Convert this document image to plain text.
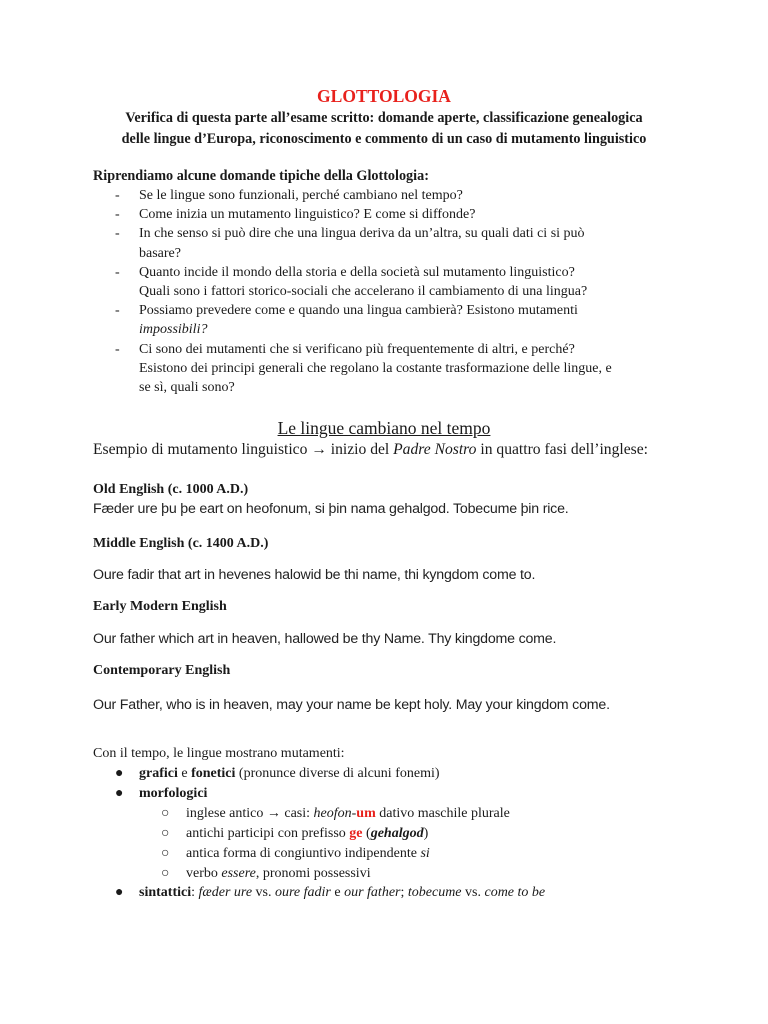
GLOTTOLOGIA
Verifica di questa parte all’esame scritto: domande aperte, classificazione genealogica
delle lingue d’Europa, riconoscimento e commento di un caso di mutamento linguistico
Riprendiamo alcune domande tipiche della Glottologia:
- Se le lingue sono funzionali, perché cambiano nel tempo?
- Come inizia un mutamento linguistico? E come si diffonde?
- In che senso si può dire che una lingua deriva da un’altra, su quali dati ci si può
basare?
- Quanto incide il mondo della storia e della società sul mutamento linguistico?
Quali sono i fattori storico-sociali che accelerano il cambiamento di una lingua?
- Possiamo prevedere come e quando una lingua cambierà? Esistono mutamenti
impossibili?
- Ci sono dei mutamenti che si verificano più frequentemente di altri, e perché?
Esistono dei principi generali che regolano la costante trasformazione delle lingue, e
se sì, quali sono?
Le lingue cambiano nel tempo
Esempio di mutamento linguistico → inizio del Padre Nostro in quattro fasi dell’inglese:
Old English (c. 1000 A.D.)
Fæder ure þu þe eart on heofonum, si þin nama gehalgod. Tobecume þin rice.
Middle English (c. 1400 A.D.)
Oure fadir that art in hevenes halowid be thi name, thi kyngdom come to.
Early Modern English
Our father which art in heaven, hallowed be thy Name. Thy kingdome come.
Contemporary English
Our Father, who is in heaven, may your name be kept holy. May your kingdom come.
Con il tempo, le lingue mostrano mutamenti:
● grafici e fonetici (pronunce diverse di alcuni fonemi)
● morfologici
○ inglese antico → casi: heofon-um dativo maschile plurale
○ antichi participi con prefisso ge (gehalgod)
○ antica forma di congiuntivo indipendente si
○ verbo essere, pronomi possessivi
● sintattici: fæder ure vs. oure fadir e our father; tobecume vs. come to be
